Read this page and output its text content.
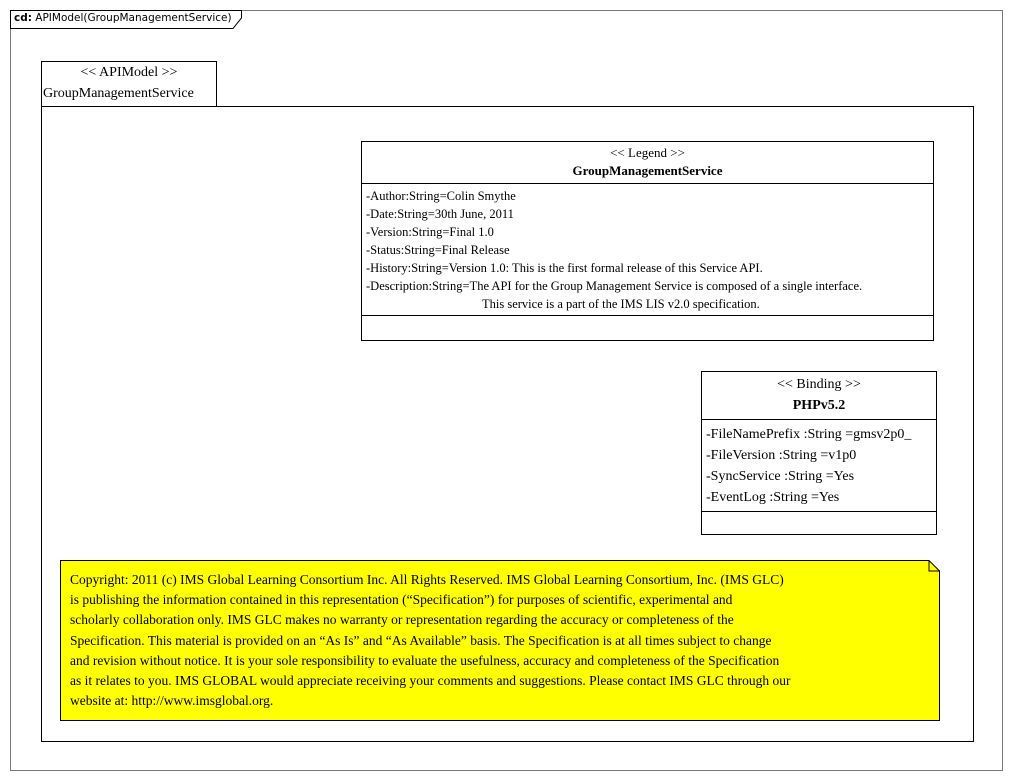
cd: APIModel(GroupManagementService)
<< APIModel >>
GroupManagementService
<< Legend >>
GroupManagementService
-Author:String=Colin Smythe
-Date:String=30th June, 2011
-Version:String=Final 1.0
-Status:String=Final Release
-History:String=Version 1.0: This is the first formal release of this Service API.
-Description:String=The API for the Group Management Service is composed of a single interface.
This service is a part of the IMS LIS v2.0 specification.
<< Binding >>
PHPv5.2
-FileNamePrefix :String =gmsv2p0_
-FileVersion :String =v1p0
-SyncService :String =Yes
-EventLog :String =Yes
Copyright: 2011 (c) IMS Global Learning Consortium Inc. All Rights Reserved. IMS Global Learning Consortium, Inc. (IMS GLC)
is publishing the information contained in this representation (“Specification”) for purposes of scientific, experimental and
scholarly collaboration only. IMS GLC makes no warranty or representation regarding the accuracy or completeness of the
Specification. This material is provided on an “As Is” and “As Available” basis. The Specification is at all times subject to change
and revision without notice. It is your sole responsibility to evaluate the usefulness, accuracy and completeness of the Specification
as it relates to you. IMS GLOBAL would appreciate receiving your comments and suggestions. Please contact IMS GLC through our
website at: http://www.imsglobal.org.
